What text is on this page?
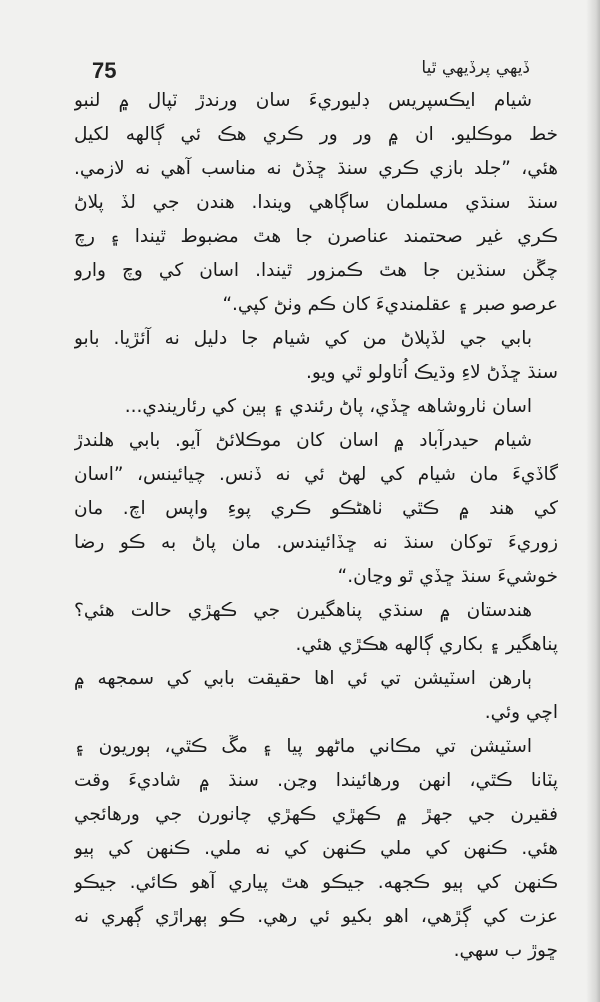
75	ڏيهي پرڏيهي ٿيا
شيام ايڪسپريس ڊليوريءَ سان ورندڙ ٽپال ۾ لنبو
خط موڪليو. ان ۾ ور ور ڪري هڪ ئي ڳالهه لکيل
هئي، ”جلد بازي ڪري سنڌ ڇڏڻ نه مناسب آهي نه لازمي.
سنڌ سنڌي مسلمان ساڳاهي ويندا. هندن جي لڏ پلاڻ
ڪري غير صحتمند عناصرن جا هٿ مضبوط ٿيندا ۽ رچ
چڱن سنڌين جا هٿ ڪمزور ٿيندا. اسان کي وچ وارو
عرصو صبر ۽ عقلمنديءَ کان ڪم وٺڻ کپي.“
بابي جي لڏپلاڻ من کي شيام جا دليل نه آئڙيا. بابو
سنڌ ڇڏڻ لاءِ وڌيڪ اُتاولو ٿي ويو.
اسان ٺاروشاهه ڇڏي، پاڻ رئندي ۽ ٻين کي رئاريندي...
شيام حيدرآباد ۾ اسان کان موڪلائڻ آيو. بابي هلندڙ
گاڏيءَ مان شيام کي لهڻ ئي نه ڏنس. چيائينس، ”اسان
کي هند ۾ ڪٿي ٺاهڻڪو ڪري پوءِ واپس اچ. مان
زوريءَ توکان سنڌ نه ڇڏائيندس. مان پاڻ به ڪو رضا
خوشيءَ سنڌ ڇڏي ٿو وڃان.“
هندستان ۾ سنڌي پناهگيرن جي ڪهڙي حالت هئي؟
پناهگير ۽ بکاري ڳالهه هڪڙي هئي.
ٻارهن اسٽيشن تي ئي اها حقيقت بابي کي سمجهه ۾
اچي وئي.
اسٽيشن تي مڪاني ماڻهو پيا ۽ مڱ ڪٿي، ٻوريون ۽
پٽانا ڪٿي، انهن ورهائيندا وڃن. سنڌ ۾ شاديءَ وقت
فقيرن جي جهڙ ۾ ڪهڙي ڪهڙي چانورن جي ورهائجي
هئي. ڪنهن کي ملي ڪنهن کي نه ملي. ڪنهن کي ٻيو
ڪنهن کي ٻيو ڪجهه. جيڪو هٿ پياري آهو ڪائي. جيڪو
عزت کي ڳڙهي، اهو بکيو ئي رهي. ڪو ٻهراڙي ڳهري نه
ڇوڙ ب سهي.
